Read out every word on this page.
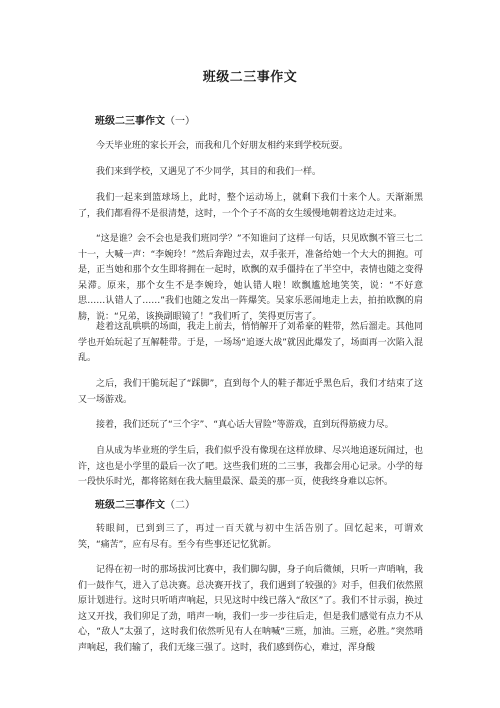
班级二三事作文
班级二三事作文（一）
今天毕业班的家长开会，而我和几个好朋友相约来到学校玩耍。
我们来到学校，又遇见了不少同学，其目的和我们一样。
我们一起来到篮球场上，此时，整个运动场上，就剩下我们十来个人。天渐渐黑了，我们都看得不是很清楚，这时，一个个子不高的女生缓慢地朝着这边走过来。
“这是谁？会不会也是我们班同学？”不知谁问了这样一句话，只见欧飘不管三七二十一，大喊一声：“李婉玲！”然后奔跑过去，双手张开，准备给她一个大大的拥抱。可是，正当她和那个女生即将拥在一起时，欧飘的双手僵持在了半空中，表情也随之变得呆滞。原来，那个女生不是李婉玲，她认错人啦！欧飘尴尬地笑笑，说：“不好意思……认错人了……”我们也随之发出一阵爆笑。吴家乐恶闹地走上去，拍拍欧飘的肩膀，说：“兄弟，该换副眼镜了！”我们听了，笑得更厉害了。
趁着这乱哄哄的场面，我走上前去，悄悄解开了刘希豪的鞋带，然后溜走。其他同学也开始玩起了互解鞋带。于是，一场场“追逐大战”就因此爆发了，场面再一次陷入混乱。
之后，我们干脆玩起了“踩脚”，直到每个人的鞋子都近乎黑色后，我们才结束了这又一场游戏。
接着，我们还玩了“三个字”、“真心话大冒险”等游戏，直到玩得筋疲力尽。
自从成为毕业班的学生后，我们似乎没有像现在这样放肆、尽兴地追逐玩闹过，也许，这也是小学里的最后一次了吧。这些我们班的二三事，我都会用心记录。小学的每一段快乐时光，都将铭刻在我大脑里最深、最美的那一页，使我终身难以忘怀。
班级二三事作文（二）
转眼间，已到到三了，再过一百天就与初中生活告别了。回忆起来，可谓欢笑，“痛苦”，应有尽有。至今有些事还记忆犹新。
记得在初一时的那场拔河比赛中，我们脚勾脚，身子向后微倾，只听一声哨响，我们一鼓作气，进入了总决赛。总决赛开找了，我们遇到了较强的》对手，但我们依然照原计划进行。这时只听哨声响起，只见这时中线已落入“敌区”了。我们不甘示弱，换过这又开找，我们卯足了劲，哨声一响，我们一步一步往后走，但是我们感觉有点力不从心，“敌人”太强了，这时我们依然听见有人在呐喊“三班，加油。三班，必胜。”突然哨声响起，我们输了，我们无缘三强了。这时，我们感到伤心，难过，浑身酸
